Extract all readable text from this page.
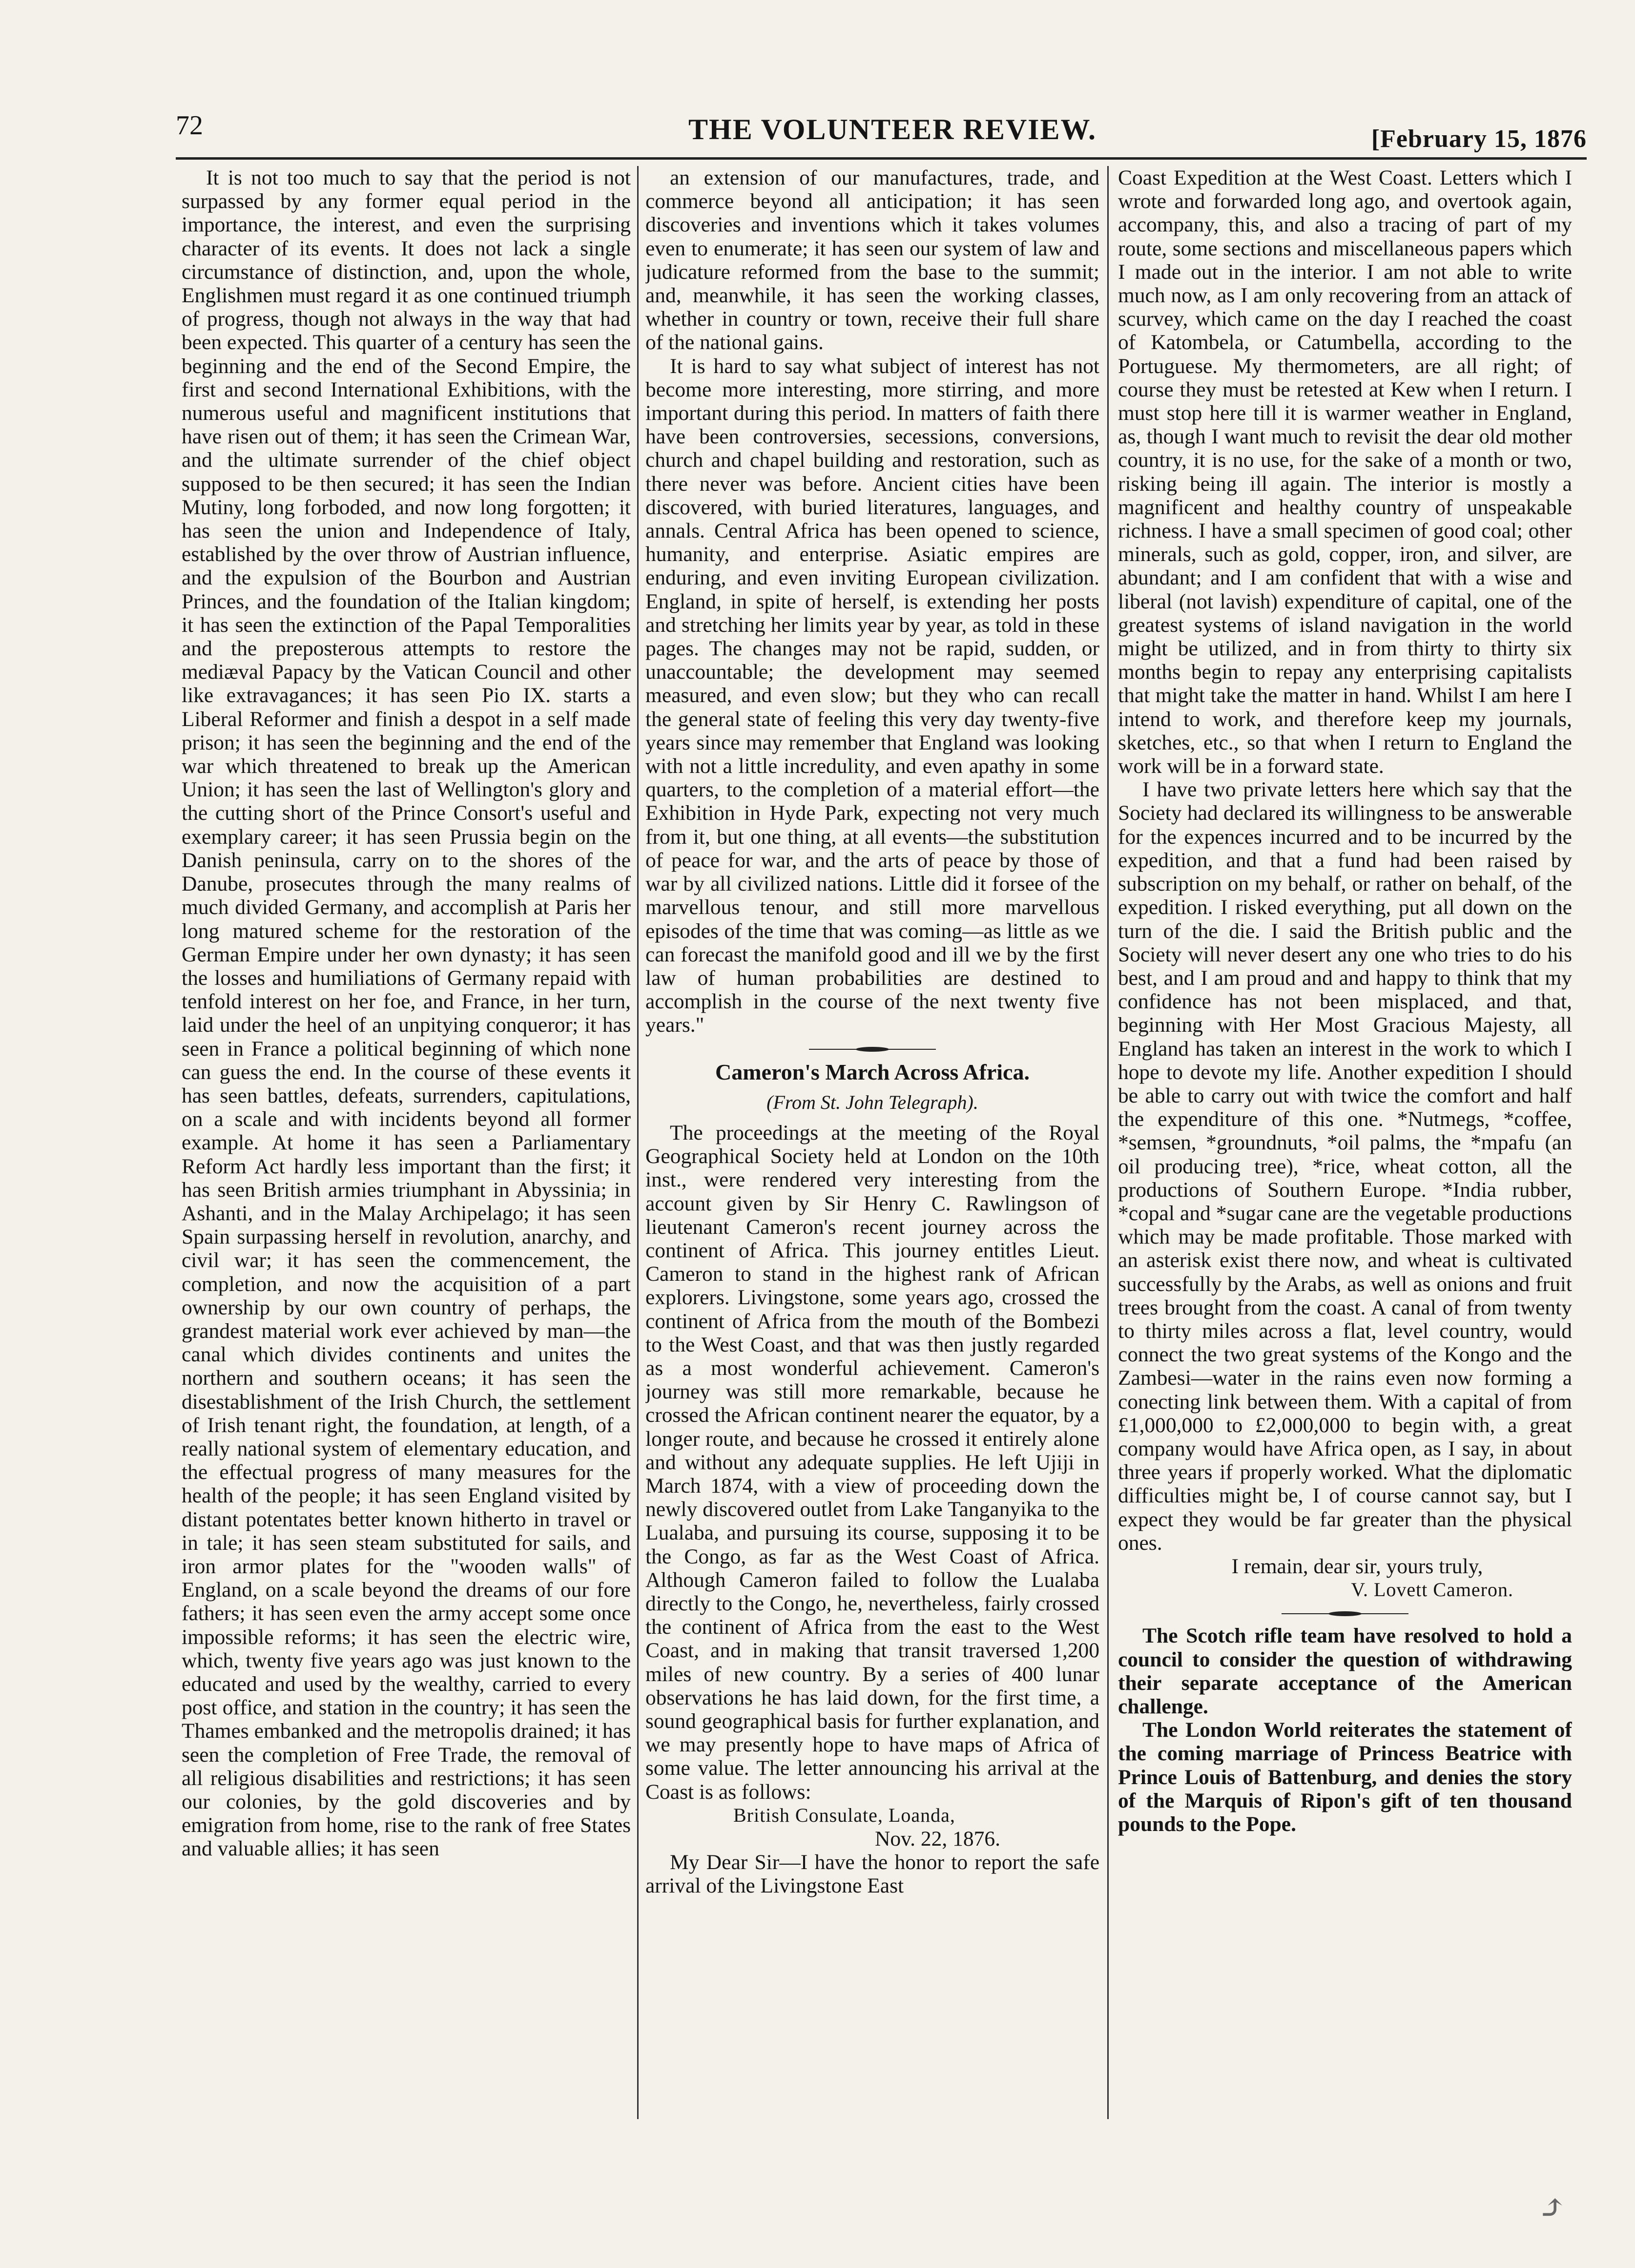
72	THE VOLUNTEER REVIEW.	[February 15, 1876

It is not too much to say that the period is not surpassed by any former equal period in the importance, the interest, and even the surprising character of its events. It does not lack a single circumstance of distinction, and, upon the whole, Englishmen must regard it as one continued triumph of progress, though not always in the way that had been expected. This quarter of a century has seen the beginning and the end of the Second Empire, the first and second International Exhibitions, with the numerous useful and magnificent institutions that have risen out of them; it has seen the Crimean War, and the ultimate surrender of the chief object supposed to be then secured; it has seen the Indian Mutiny, long forboded, and now long forgotten; it has seen the union and Independence of Italy, established by the over throw of Austrian influence, and the expulsion of the Bourbon and Austrian Princes, and the foundation of the Italian kingdom; it has seen the extinction of the Papal Temporalities and the preposterous attempts to restore the mediæval Papacy by the Vatican Council and other like extravagances; it has seen Pio IX. starts a Liberal Reformer and finish a despot in a self made prison; it has seen the beginning and the end of the war which threatened to break up the American Union; it has seen the last of Wellington's glory and the cutting short of the Prince Consort's useful and exemplary career; it has seen Prussia begin on the Danish peninsula, carry on to the shores of the Danube, prosecutes through the many realms of much divided Germany, and accomplish at Paris her long matured scheme for the restoration of the German Empire under her own dynasty; it has seen the losses and humiliations of Germany repaid with tenfold interest on her foe, and France, in her turn, laid under the heel of an unpitying conqueror; it has seen in France a political beginning of which none can guess the end. In the course of these events it has seen battles, defeats, surrenders, capitulations, on a scale and with incidents beyond all former example. At home it has seen a Parliamentary Reform Act hardly less important than the first; it has seen British armies triumphant in Abyssinia; in Ashanti, and in the Malay Archipelago; it has seen Spain surpassing herself in revolution, anarchy, and civil war; it has seen the commencement, the completion, and now the acquisition of a part ownership by our own country of perhaps, the grandest material work ever achieved by man—the canal which divides continents and unites the northern and southern oceans; it has seen the disestablishment of the Irish Church, the settlement of Irish tenant right, the foundation, at length, of a really national system of elementary education, and the effectual progress of many measures for the health of the people; it has seen England visited by distant potentates better known hitherto in travel or in tale; it has seen steam substituted for sails, and iron armor plates for the "wooden walls" of England, on a scale beyond the dreams of our fore fathers; it has seen even the army accept some once impossible reforms; it has seen the electric wire, which, twenty five years ago was just known to the educated and used by the wealthy, carried to every post office, and station in the country; it has seen the Thames embanked and the metropolis drained; it has seen the completion of Free Trade, the removal of all religious disabilities and restrictions; it has seen our colonies, by the gold discoveries and by emigration from home, rise to the rank of free States and valuable allies; it has seen

an extension of our manufactures, trade, and commerce beyond all anticipation; it has seen discoveries and inventions which it takes volumes even to enumerate; it has seen our system of law and judicature reformed from the base to the summit; and, meanwhile, it has seen the working classes, whether in country or town, receive their full share of the national gains.

It is hard to say what subject of interest has not become more interesting, more stirring, and more important during this period. In matters of faith there have been controversies, secessions, conversions, church and chapel building and restoration, such as there never was before. Ancient cities have been discovered, with buried literatures, languages, and annals. Central Africa has been opened to science, humanity, and enterprise. Asiatic empires are enduring, and even inviting European civilization. England, in spite of herself, is extending her posts and stretching her limits year by year, as told in these pages. The changes may not be rapid, sudden, or unaccountable; the development may seemed measured, and even slow; but they who can recall the general state of feeling this very day twenty-five years since may remember that England was looking with not a little incredulity, and even apathy in some quarters, to the completion of a material effort—the Exhibition in Hyde Park, expecting not very much from it, but one thing, at all events—the substitution of peace for war, and the arts of peace by those of war by all civilized nations. Little did it forsee of the marvellous tenour, and still more marvellous episodes of the time that was coming—as little as we can forecast the manifold good and ill we by the first law of human probabilities are destined to accomplish in the course of the next twenty five years."

Cameron's March Across Africa.
(From St. John Telegraph).

The proceedings at the meeting of the Royal Geographical Society held at London on the 10th inst., were rendered very interesting from the account given by Sir Henry C. Rawlingson of lieutenant Cameron's recent journey across the continent of Africa. This journey entitles Lieut. Cameron to stand in the highest rank of African explorers. Livingstone, some years ago, crossed the continent of Africa from the mouth of the Bombezi to the West Coast, and that was then justly regarded as a most wonderful achievement. Cameron's journey was still more remarkable, because he crossed the African continent nearer the equator, by a longer route, and because he crossed it entirely alone and without any adequate supplies. He left Ujiji in March 1874, with a view of proceeding down the newly discovered outlet from Lake Tanganyika to the Lualaba, and pursuing its course, supposing it to be the Congo, as far as the West Coast of Africa. Although Cameron failed to follow the Lualaba directly to the Congo, he, nevertheless, fairly crossed the continent of Africa from the east to the West Coast, and in making that transit traversed 1,200 miles of new country. By a series of 400 lunar observations he has laid down, for the first time, a sound geographical basis for further explanation, and we may presently hope to have maps of Africa of some value. The letter announcing his arrival at the Coast is as follows:

British Consulate, Loanda,

Nov. 22, 1876.

My Dear Sir—I have the honor to report the safe arrival of the Livingstone East

Coast Expedition at the West Coast. Letters which I wrote and forwarded long ago, and overtook again, accompany, this, and also a tracing of part of my route, some sections and miscellaneous papers which I made out in the interior. I am not able to write much now, as I am only recovering from an attack of scurvey, which came on the day I reached the coast of Katombela, or Catumbella, according to the Portuguese. My thermometers, are all right; of course they must be retested at Kew when I return. I must stop here till it is warmer weather in England, as, though I want much to revisit the dear old mother country, it is no use, for the sake of a month or two, risking being ill again. The interior is mostly a magnificent and healthy country of unspeakable richness. I have a small specimen of good coal; other minerals, such as gold, copper, iron, and silver, are abundant; and I am confident that with a wise and liberal (not lavish) expenditure of capital, one of the greatest systems of island navigation in the world might be utilized, and in from thirty to thirty six months begin to repay any enterprising capitalists that might take the matter in hand. Whilst I am here I intend to work, and therefore keep my journals, sketches, etc., so that when I return to England the work will be in a forward state.

I have two private letters here which say that the Society had declared its willingness to be answerable for the expences incurred and to be incurred by the expedition, and that a fund had been raised by subscription on my behalf, or rather on behalf, of the expedition. I risked everything, put all down on the turn of the die. I said the British public and the Society will never desert any one who tries to do his best, and I am proud and and happy to think that my confidence has not been misplaced, and that, beginning with Her Most Gracious Majesty, all England has taken an interest in the work to which I hope to devote my life. Another expedition I should be able to carry out with twice the comfort and half the expenditure of this one. *Nutmegs, *coffee, *semsen, *groundnuts, *oil palms, the *mpafu (an oil producing tree), *rice, wheat cotton, all the productions of Southern Europe. *India rubber, *copal and *sugar cane are the vegetable productions which may be made profitable. Those marked with an asterisk exist there now, and wheat is cultivated successfully by the Arabs, as well as onions and fruit trees brought from the coast. A canal of from twenty to thirty miles across a flat, level country, would connect the two great systems of the Kongo and the Zambesi—water in the rains even now forming a conecting link between them. With a capital of from £1,000,000 to £2,000,000 to begin with, a great company would have Africa open, as I say, in about three years if properly worked. What the diplomatic difficulties might be, I of course cannot say, but I expect they would be far greater than the physical ones.

I remain, dear sir, yours truly,

V. Lovett Cameron.

The Scotch rifle team have resolved to hold a council to consider the question of withdrawing their separate acceptance of the American challenge.

The London World reiterates the statement of the coming marriage of Princess Beatrice with Prince Louis of Battenburg, and denies the story of the Marquis of Ripon's gift of ten thousand pounds to the Pope.

⤴
